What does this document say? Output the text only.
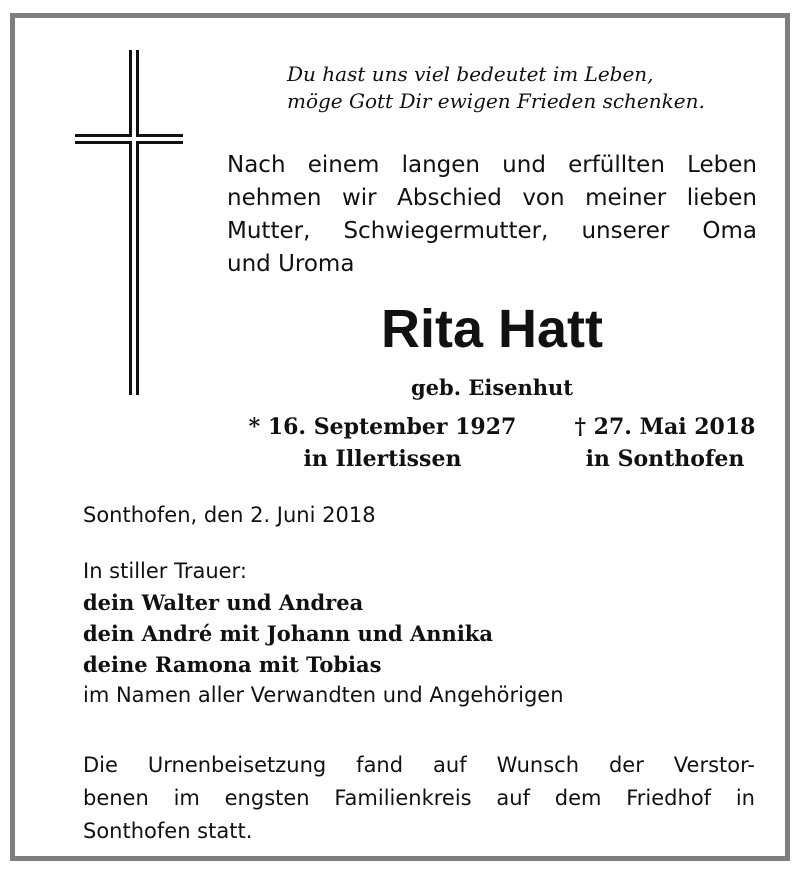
Du hast uns viel bedeutet im Leben,
möge Gott Dir ewigen Frieden schenken.
Nach einem langen und erfüllten Leben
nehmen wir Abschied von meiner lieben
Mutter, Schwiegermutter, unserer Oma
und Uroma
Rita Hatt
geb. Eisenhut
* 16. September 1927
in Illertissen
† 27. Mai 2018
in Sonthofen
Sonthofen, den 2. Juni 2018
In stiller Trauer:
dein Walter und Andrea
dein André mit Johann und Annika
deine Ramona mit Tobias
im Namen aller Verwandten und Angehörigen
Die Urnenbeisetzung fand auf Wunsch der Verstor-
benen im engsten Familienkreis auf dem Friedhof in
Sonthofen statt.
